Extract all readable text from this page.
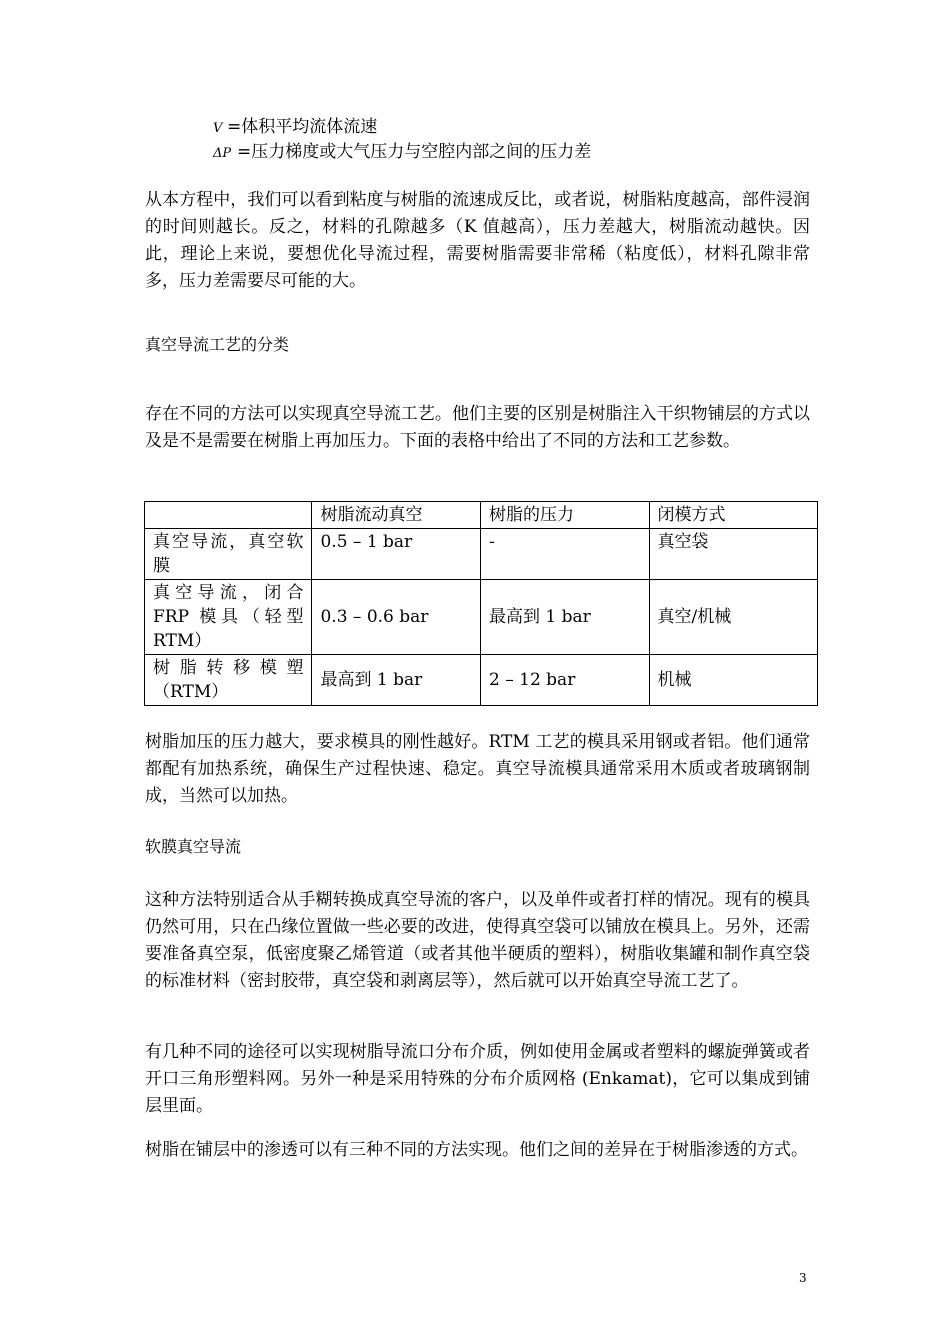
V =体积平均流体流速
ΔP =压力梯度或大气压力与空腔内部之间的压力差
从本方程中，我们可以看到粘度与树脂的流速成反比，或者说，树脂粘度越高，部件浸润的时间则越长。反之，材料的孔隙越多（K 值越高），压力差越大，树脂流动越快。因此，理论上来说，要想优化导流过程，需要树脂需要非常稀（粘度低），材料孔隙非常多，压力差需要尽可能的大。
真空导流工艺的分类
存在不同的方法可以实现真空导流工艺。他们主要的区别是树脂注入干织物铺层的方式以及是不是需要在树脂上再加压力。下面的表格中给出了不同的方法和工艺参数。
	树脂流动真空	树脂的压力	闭模方式
真空导流，真空软膜	0.5 – 1 bar	-	真空袋
真空导流，闭合 FRP 模具（轻型 RTM）	0.3 – 0.6 bar	最高到 1 bar	真空/机械
树脂转移模塑（RTM）	最高到 1 bar	2 – 12 bar	机械
树脂加压的压力越大，要求模具的刚性越好。RTM 工艺的模具采用钢或者铝。他们通常都配有加热系统，确保生产过程快速、稳定。真空导流模具通常采用木质或者玻璃钢制成，当然可以加热。
软膜真空导流
这种方法特别适合从手糊转换成真空导流的客户，以及单件或者打样的情况。现有的模具仍然可用，只在凸缘位置做一些必要的改进，使得真空袋可以铺放在模具上。另外，还需要准备真空泵，低密度聚乙烯管道（或者其他半硬质的塑料），树脂收集罐和制作真空袋的标准材料（密封胶带，真空袋和剥离层等），然后就可以开始真空导流工艺了。
有几种不同的途径可以实现树脂导流口分布介质，例如使用金属或者塑料的螺旋弹簧或者开口三角形塑料网。另外一种是采用特殊的分布介质网格 (Enkamat)，它可以集成到铺层里面。
树脂在铺层中的渗透可以有三种不同的方法实现。他们之间的差异在于树脂渗透的方式。
3
